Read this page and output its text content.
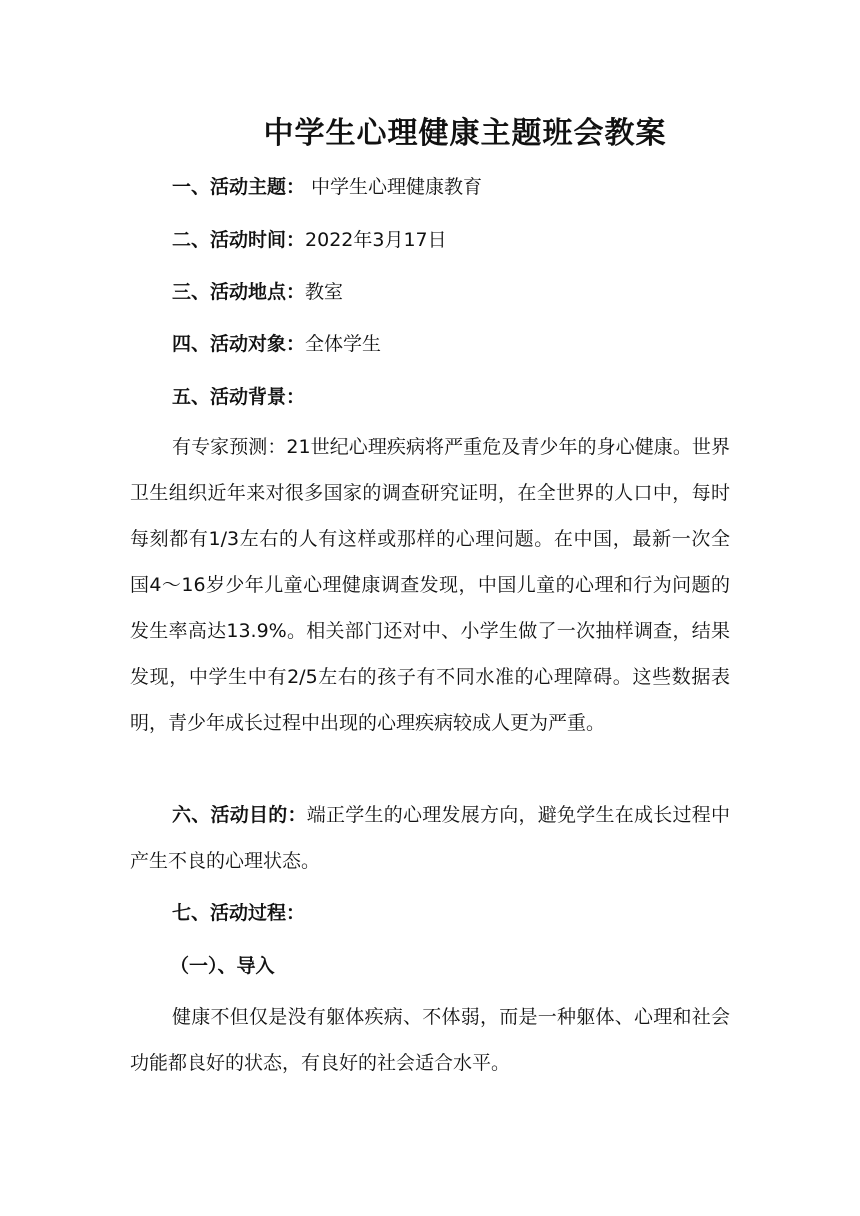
中学生心理健康主题班会教案
一、活动主题： 中学生心理健康教育
二、活动时间：2022年3月17日
三、活动地点：教室
四、活动对象：全体学生
五、活动背景：

有专家预测：21世纪心理疾病将严重危及青少年的身心健康。世界卫生组织近年来对很多国家的调查研究证明，在全世界的人口中，每时每刻都有1/3左右的人有这样或那样的心理问题。在中国，最新一次全国4～16岁少年儿童心理健康调查发现，中国儿童的心理和行为问题的发生率高达13.9%。相关部门还对中、小学生做了一次抽样调查，结果发现，中学生中有2/5左右的孩子有不同水准的心理障碍。这些数据表明，青少年成长过程中出现的心理疾病较成人更为严重。

六、活动目的：端正学生的心理发展方向，避免学生在成长过程中产生不良的心理状态。

七、活动过程：
（一）、导入

健康不但仅是没有躯体疾病、不体弱，而是一种躯体、心理和社会功能都良好的状态，有良好的社会适合水平。
